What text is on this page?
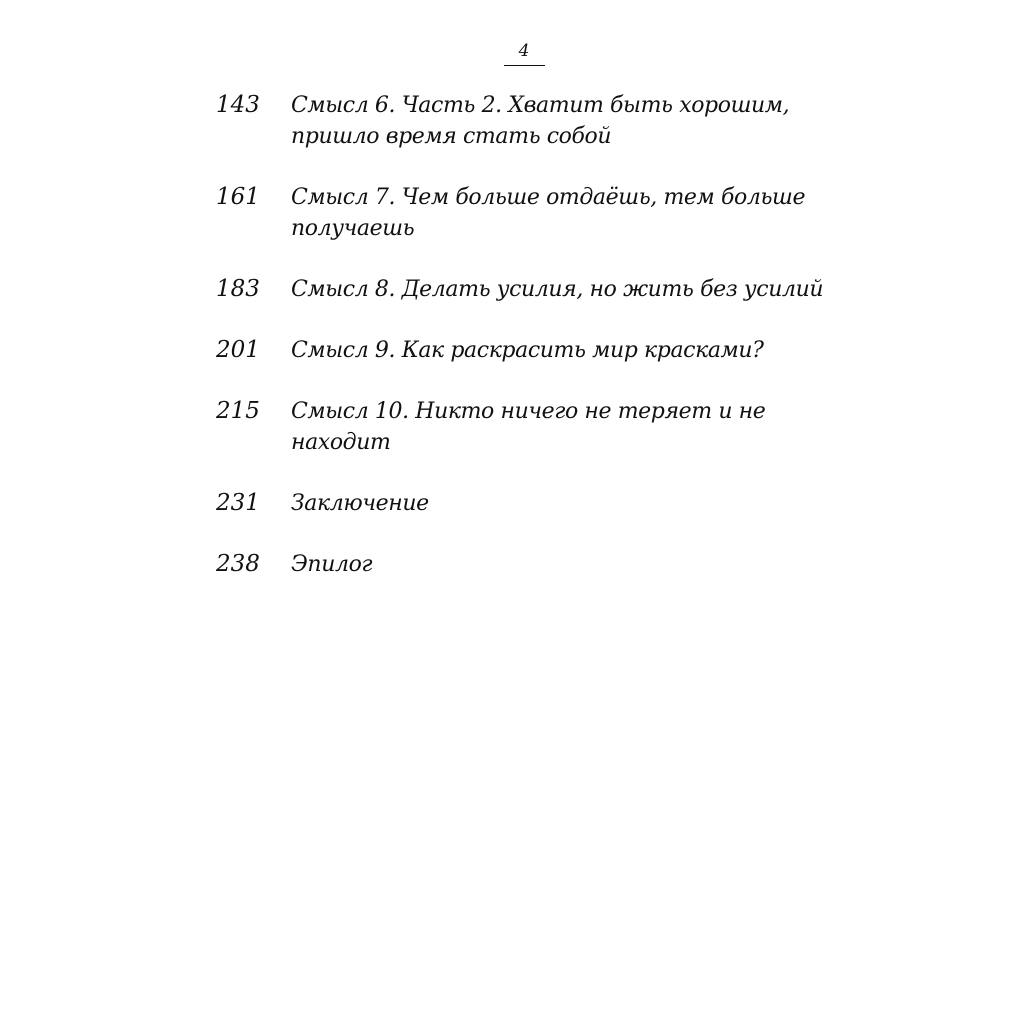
4
143	Смысл 6. Часть 2. Хватит быть хорошим, пришло время стать собой
161	Смысл 7. Чем больше отдаёшь, тем больше получаешь
183	Смысл 8. Делать усилия, но жить без усилий
201	Смысл 9. Как раскрасить мир красками?
215	Смысл 10. Никто ничего не теряет и не находит
231	Заключение
238	Эпилог
